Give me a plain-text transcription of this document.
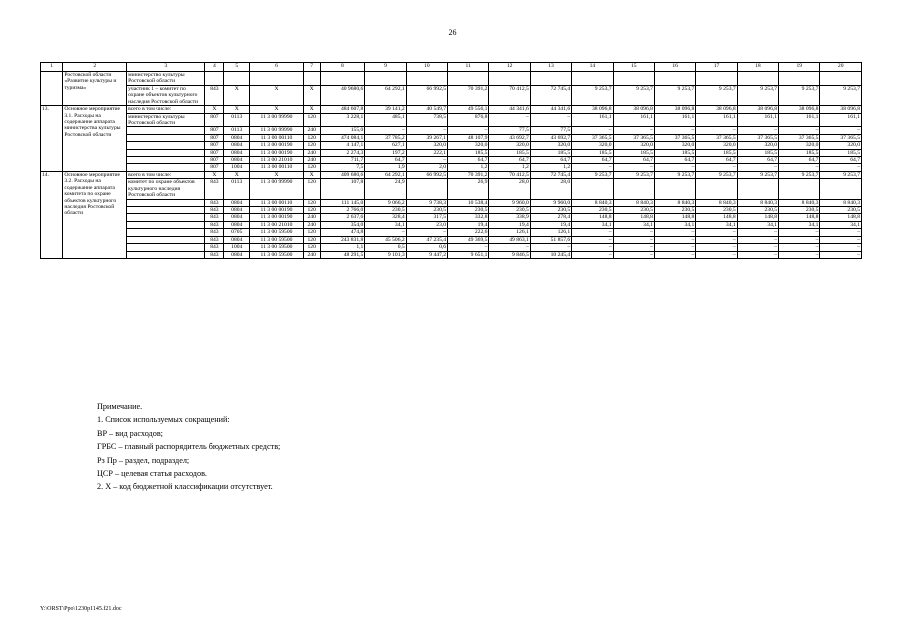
26
1	2	3	4	5	6	7	8	9	10	11	12	13	14	15	16	17	18	19	20
	Ростовской области «Развитие культуры и туризма»	министерство культуры Ростовской области																	
		участник 1 – комитет по охране объектов культурного наследия Ростовской области	843	X	X	X	40 9680,6	64 292,1	66 992,5	70 391,2	70 412,5	72 745,4	9 253,7	9 253,7	9 253,7	9 253,7	9 253,7	9 253,7	9 253,7
13.	Основное мероприятие 3.1. Расходы на содержание аппарата министерства культуры Ростовской области	всего в том числе:	X	X	X	X	484 607,8	39 141,2	40 549,7	49 556,1	44 341,6	44 341,6	38 096,8	38 096,8	38 096,8	38 096,8	38 096,8	38 096,8	38 096,8
		министерство культуры Ростовской области	807	0113	11 3 00 99990	120	3 228,1	485,1	738,5	876,8	–	–	161,1	161,1	161,1	161,1	161,1	161,1	161,1
			807	0113	11 3 00 99990	240	155,0	–	–	–	77,5	77,5	–	–	–	–	–	–	–
			807	0804	11 3 00 00110	120	474 084,1	37 785,2	39 267,1	48 107,9	43 692,7	43 692,7	37 365,5	37 365,5	37 365,5	37 365,5	37 365,5	37 365,5	37 365,5
			807	0804	11 3 00 00190	120	4 147,1	627,1	320,0	320,0	320,0	320,0	320,0	320,0	320,0	320,0	320,0	320,0	320,0
			807	0804	11 3 00 00190	240	2 274,3	197,2	222,1	185,5	185,5	185,5	185,5	185,5	185,5	185,5	185,5	185,5	185,5
			807	0804	11 3 00 21010	240	711,7	64,7	–	64,7	64,7	64,7	64,7	64,7	64,7	64,7	64,7	64,7	64,7
			807	1004	11 3 00 00110	120	7,5	1,9	2,0	1,2	1,2	1,2	–	–	–	–	–	–	–
14.	Основное мероприятие 3.2. Расходы на содержание аппарата комитета по охране объектов культурного наследия Ростовской области	всего в том числе:	X	X	X	X	409 680,6	64 292,1	66 992,5	70 391,2	70 412,5	72 745,4	9 253,7	9 253,7	9 253,7	9 253,7	9 253,7	9 253,7	9 253,7
		комитет по охране объектов культурного наследия Ростовской области	843	0113	11 3 00 99990	120	107,8	24,9		26,9	28,0	28,0							
			843	0804	11 3 00 00110	120	111 145,0	9 066,2	9 738,3	10 538,4	9 960,0	9 960,0	8 840,3	8 840,3	8 840,3	8 840,3	8 840,3	8 840,3	8 840,3
			843	0804	11 3 00 00190	120	2 766,0	230,5	230,5	230,5	230,5	230,5	230,5	230,5	230,5	230,5	230,5	230,5	230,5
			843	0804	11 3 00 00190	240	2 637,6	328,4	317,5	332,8	338,9	278,4	148,8	148,8	148,8	148,8	148,8	148,8	148,8
			843	0804	11 3 00 21010	240	354,0	34,1	23,0	19,4	19,4	19,4	34,1	34,1	34,1	34,1	34,1	34,1	34,1
			843	0705	11 3 00 59500	120	474,8	–	–	222,6	126,1	126,1	–	–	–	–	–	–	–
			843	0804	11 3 00 59500	120	243 831,8	45 506,2	47 235,4	49 369,5	49 863,1	51 857,6	–	–	–	–	–	–	–
			843	1004	11 3 00 59500	120	1,1	0,5	0,6	–	–	–	–	–	–	–	–	–	–
			843	0804	11 3 00 59500	240	48 291,5	9 101,3	9 447,2	9 651,1	9 846,5	10 245,4	–	–	–	–	–	–	–
Примечание.
1. Список используемых сокращений:
ВР – вид расходов;
ГРБС – главный распорядитель бюджетных средств;
Рз Пр – раздел, подраздел;
ЦСР – целевая статья расходов.
2. X – код бюджетной классификации отсутствует.
Y:\ORST\Ppo\1230p1145.f21.doc
